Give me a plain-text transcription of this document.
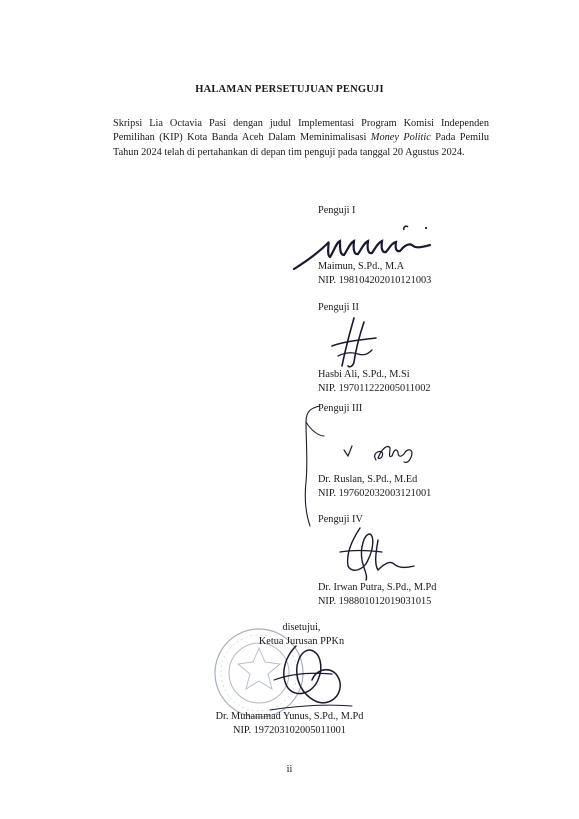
HALAMAN PERSETUJUAN PENGUJI
Skripsi Lia Octavia Pasi dengan judul Implementasi Program Komisi Independen Pemilihan (KIP) Kota Banda Aceh Dalam Meminimalisasi Money Politic Pada Pemilu Tahun 2024 telah di pertahankan di depan tim penguji pada tanggal 20 Agustus 2024.
Penguji I
Maimun, S.Pd., M.A
NIP. 198104202010121003
Penguji II
Hasbi Ali, S.Pd., M.Si
NIP. 197011222005011002
Penguji III
Dr. Ruslan, S.Pd., M.Ed
NIP. 197602032003121001
Penguji IV
Dr. Irwan Putra, S.Pd., M.Pd
NIP. 198801012019031015
disetujui,
Ketua Jurusan PPKn
Dr. Muhammad Yunus, S.Pd., M.Pd
NIP. 197203102005011001
ii
